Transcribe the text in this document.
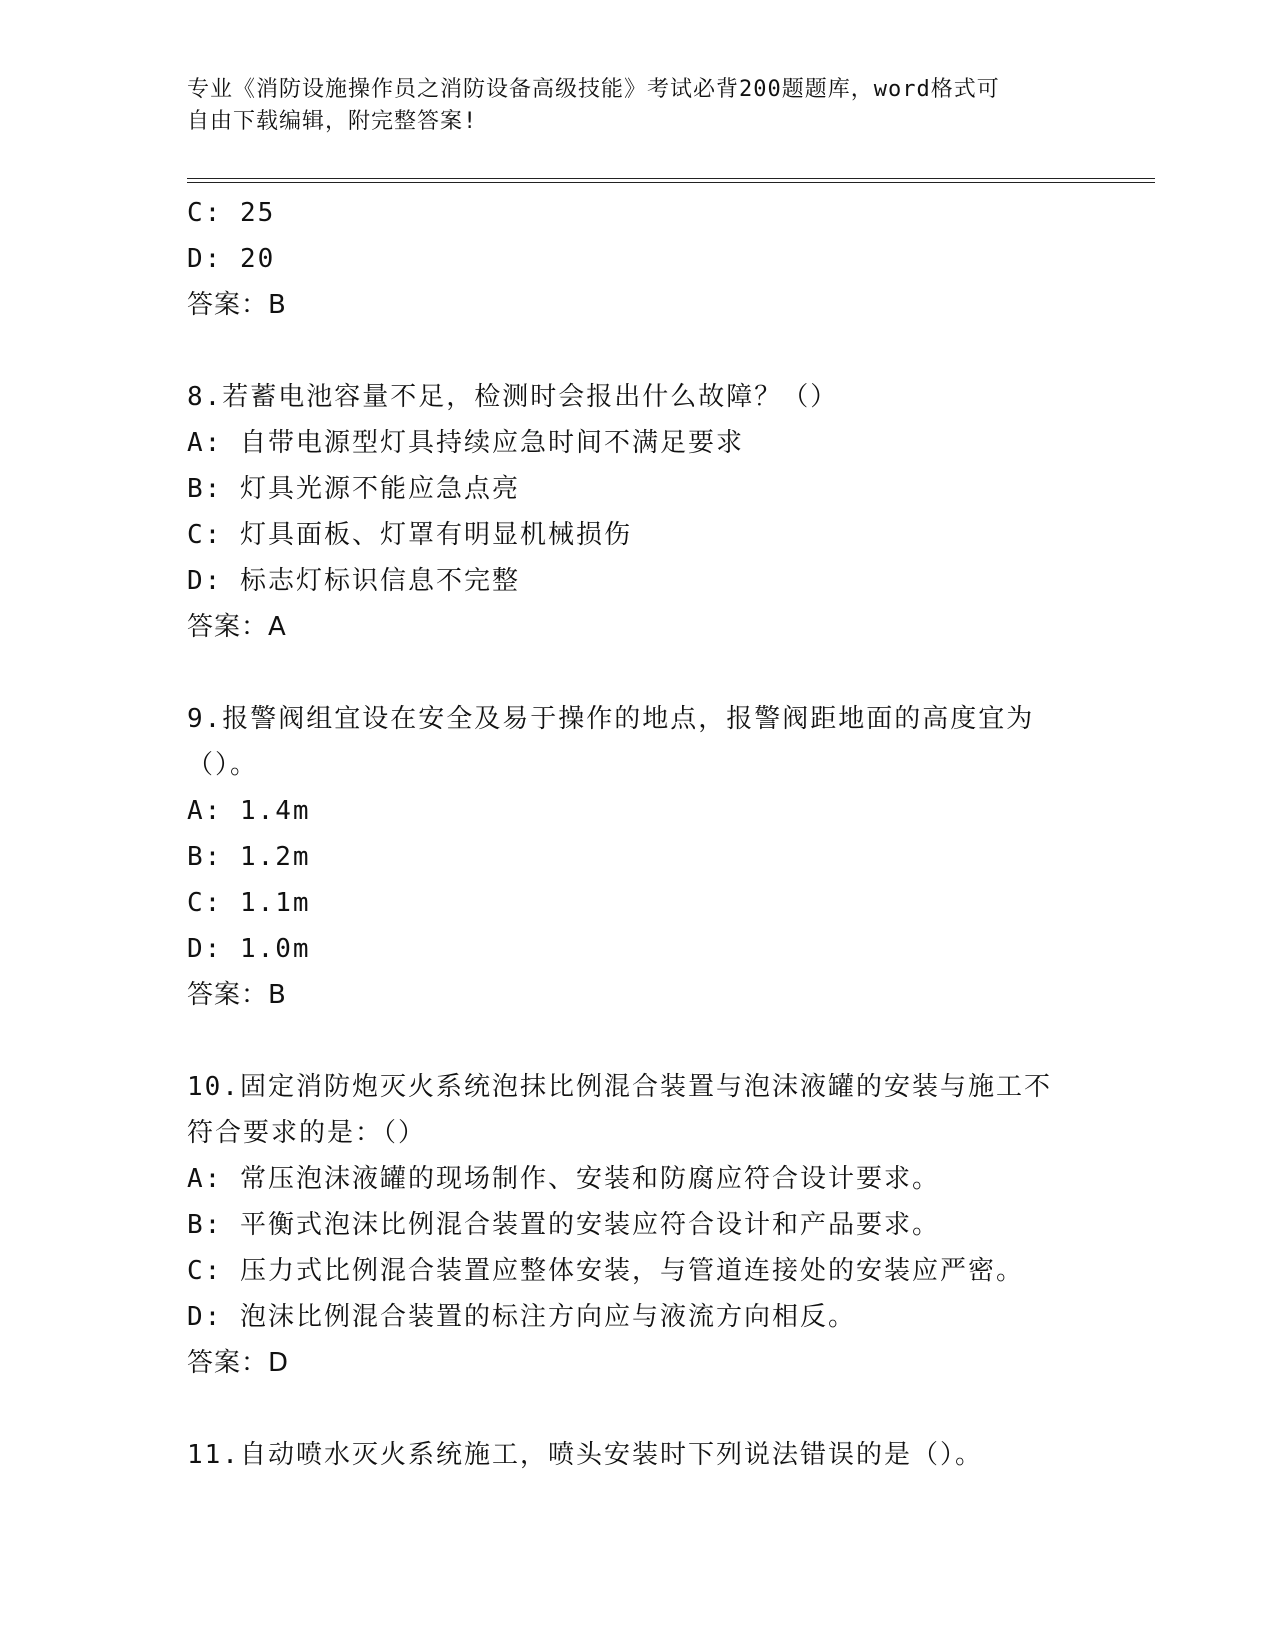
专业《消防设施操作员之消防设备高级技能》考试必背200题题库，word格式可
自由下载编辑，附完整答案!
C: 25
D: 20
答案：B
8.若蓄电池容量不足，检测时会报出什么故障？（）
A: 自带电源型灯具持续应急时间不满足要求
B: 灯具光源不能应急点亮
C: 灯具面板、灯罩有明显机械损伤
D: 标志灯标识信息不完整
答案：A
9.报警阀组宜设在安全及易于操作的地点，报警阀距地面的高度宜为
（）。
A: 1.4m
B: 1.2m
C: 1.1m
D: 1.0m
答案：B
10.固定消防炮灭火系统泡抹比例混合装置与泡沫液罐的安装与施工不
符合要求的是：（）
A: 常压泡沫液罐的现场制作、安装和防腐应符合设计要求。
B: 平衡式泡沫比例混合装置的安装应符合设计和产品要求。
C: 压力式比例混合装置应整体安装，与管道连接处的安装应严密。
D: 泡沫比例混合装置的标注方向应与液流方向相反。
答案：D
11.自动喷水灭火系统施工，喷头安装时下列说法错误的是（）。
